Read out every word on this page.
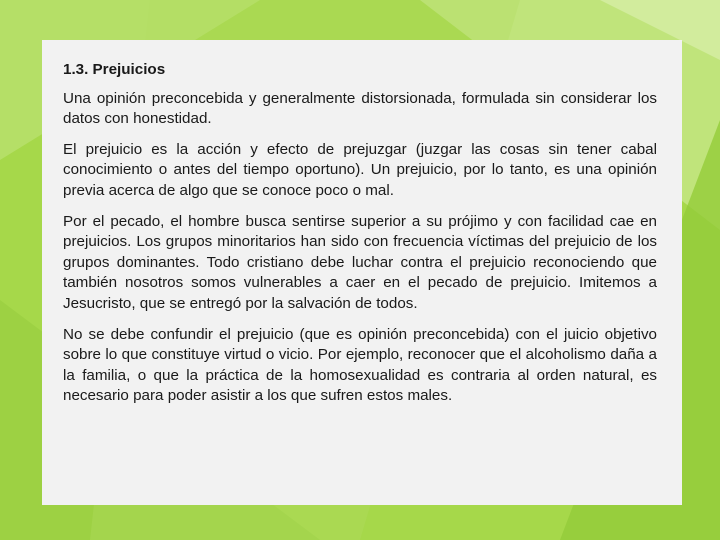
1.3. Prejuicios

Una opinión preconcebida y generalmente distorsionada, formulada sin considerar los datos con honestidad.

El prejuicio es la acción y efecto de prejuzgar (juzgar las cosas sin tener cabal conocimiento o antes del tiempo oportuno). Un prejuicio, por lo tanto, es una opinión previa acerca de algo que se conoce poco o mal.

Por el pecado, el hombre busca sentirse superior a su prójimo y con facilidad cae en prejuicios. Los grupos minoritarios han sido con frecuencia víctimas del prejuicio de los grupos dominantes. Todo cristiano debe luchar contra el prejuicio reconociendo que también nosotros somos vulnerables a caer en el pecado de prejuicio. Imitemos a Jesucristo, que se entregó por la salvación de todos.

No se debe confundir el prejuicio (que es opinión preconcebida) con el juicio objetivo sobre lo que constituye virtud o vicio. Por ejemplo, reconocer que el alcoholismo daña a la familia, o que la práctica de la homosexualidad es contraria al orden natural, es necesario para poder asistir a los que sufren estos males.
